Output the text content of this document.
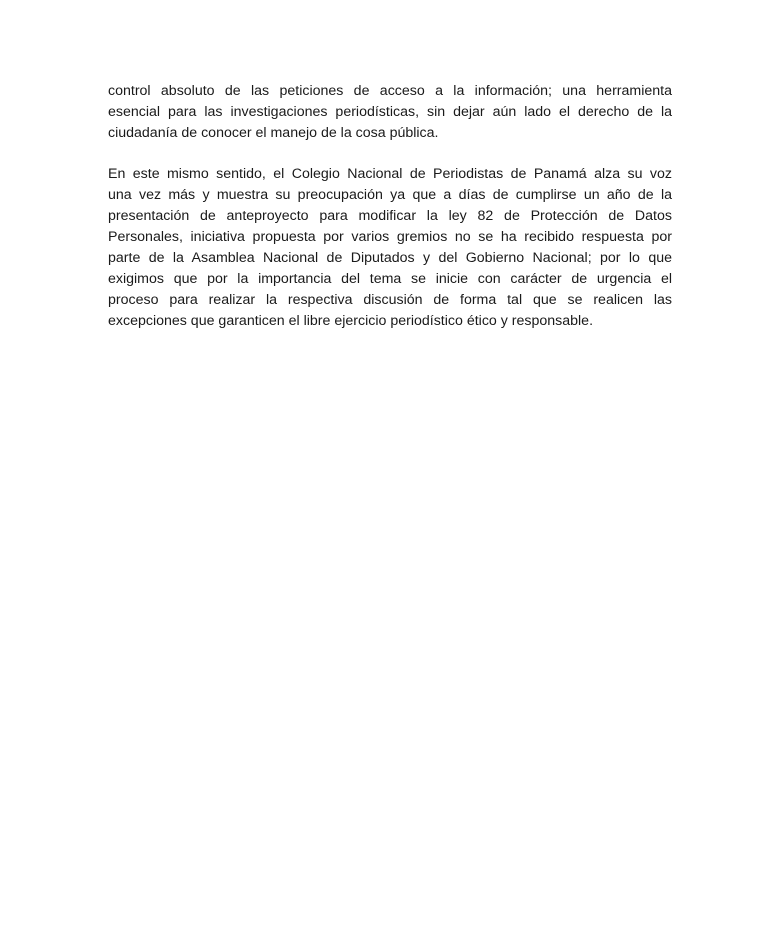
control absoluto de las peticiones de acceso a la información; una herramienta
esencial para las investigaciones periodísticas, sin dejar aún lado el derecho de la
ciudadanía de conocer el manejo de la cosa pública.
En este mismo sentido, el Colegio Nacional de Periodistas de Panamá alza su voz
una vez más y muestra su preocupación ya que a días de cumplirse un año de la
presentación de anteproyecto para modificar la ley 82 de Protección de Datos
Personales, iniciativa propuesta por varios gremios no se ha recibido respuesta por
parte de la Asamblea Nacional de Diputados y del Gobierno Nacional; por lo que
exigimos que por la importancia del tema se inicie con carácter de urgencia el
proceso para realizar la respectiva discusión de forma tal que se realicen las
excepciones que garanticen el libre ejercicio periodístico ético y responsable.
